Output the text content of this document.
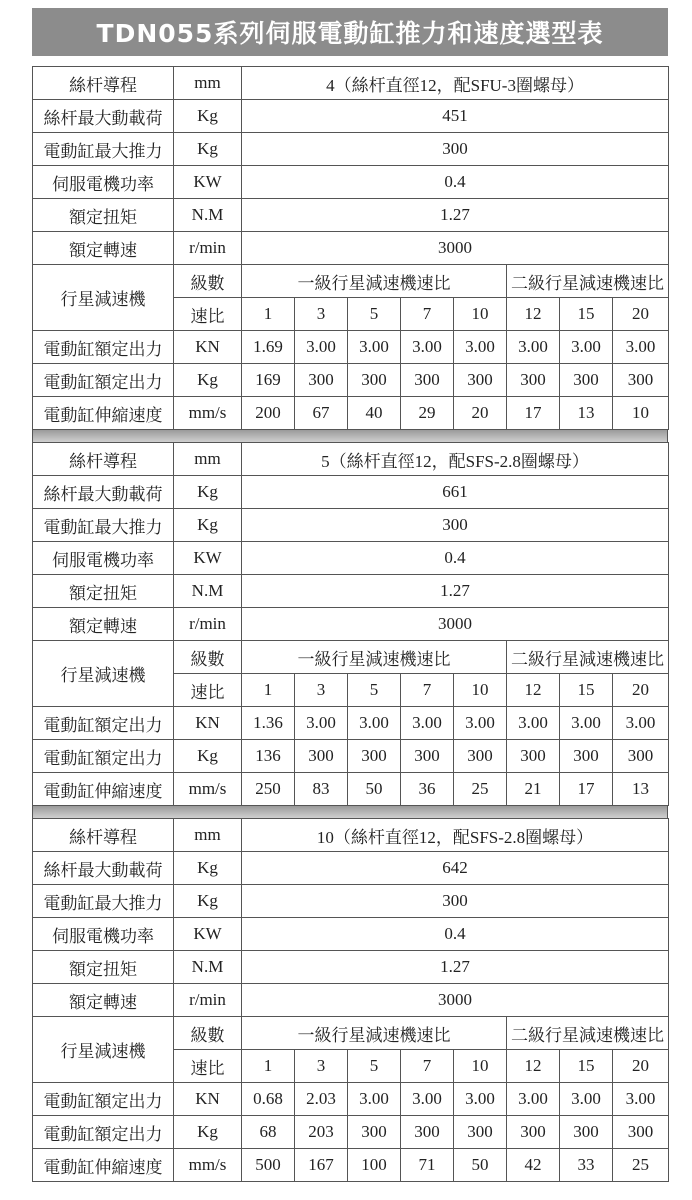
TDN055系列伺服電動缸推力和速度選型表
絲杆導程	mm	4（絲杆直徑12，配SFU-3圈螺母）							
絲杆最大動載荷	Kg	451							
電動缸最大推力	Kg	300							
伺服電機功率	KW	0.4							
額定扭矩	N.M	1.27							
額定轉速	r/min	3000							
行星減速機	級數	一級行星減速機速比					二級行星減速機速比		
	速比	1	3	5	7	10	12	15	20
電動缸額定出力	KN	1.69	3.00	3.00	3.00	3.00	3.00	3.00	3.00
電動缸額定出力	Kg	169	300	300	300	300	300	300	300
電動缸伸縮速度	mm/s	200	67	40	29	20	17	13	10
絲杆導程	mm	5（絲杆直徑12，配SFS-2.8圈螺母）							
絲杆最大動載荷	Kg	661							
電動缸最大推力	Kg	300							
伺服電機功率	KW	0.4							
額定扭矩	N.M	1.27							
額定轉速	r/min	3000							
行星減速機	級數	一級行星減速機速比					二級行星減速機速比		
	速比	1	3	5	7	10	12	15	20
電動缸額定出力	KN	1.36	3.00	3.00	3.00	3.00	3.00	3.00	3.00
電動缸額定出力	Kg	136	300	300	300	300	300	300	300
電動缸伸縮速度	mm/s	250	83	50	36	25	21	17	13
絲杆導程	mm	10（絲杆直徑12，配SFS-2.8圈螺母）							
絲杆最大動載荷	Kg	642							
電動缸最大推力	Kg	300							
伺服電機功率	KW	0.4							
額定扭矩	N.M	1.27							
額定轉速	r/min	3000							
行星減速機	級數	一級行星減速機速比					二級行星減速機速比		
	速比	1	3	5	7	10	12	15	20
電動缸額定出力	KN	0.68	2.03	3.00	3.00	3.00	3.00	3.00	3.00
電動缸額定出力	Kg	68	203	300	300	300	300	300	300
電動缸伸縮速度	mm/s	500	167	100	71	50	42	33	25
